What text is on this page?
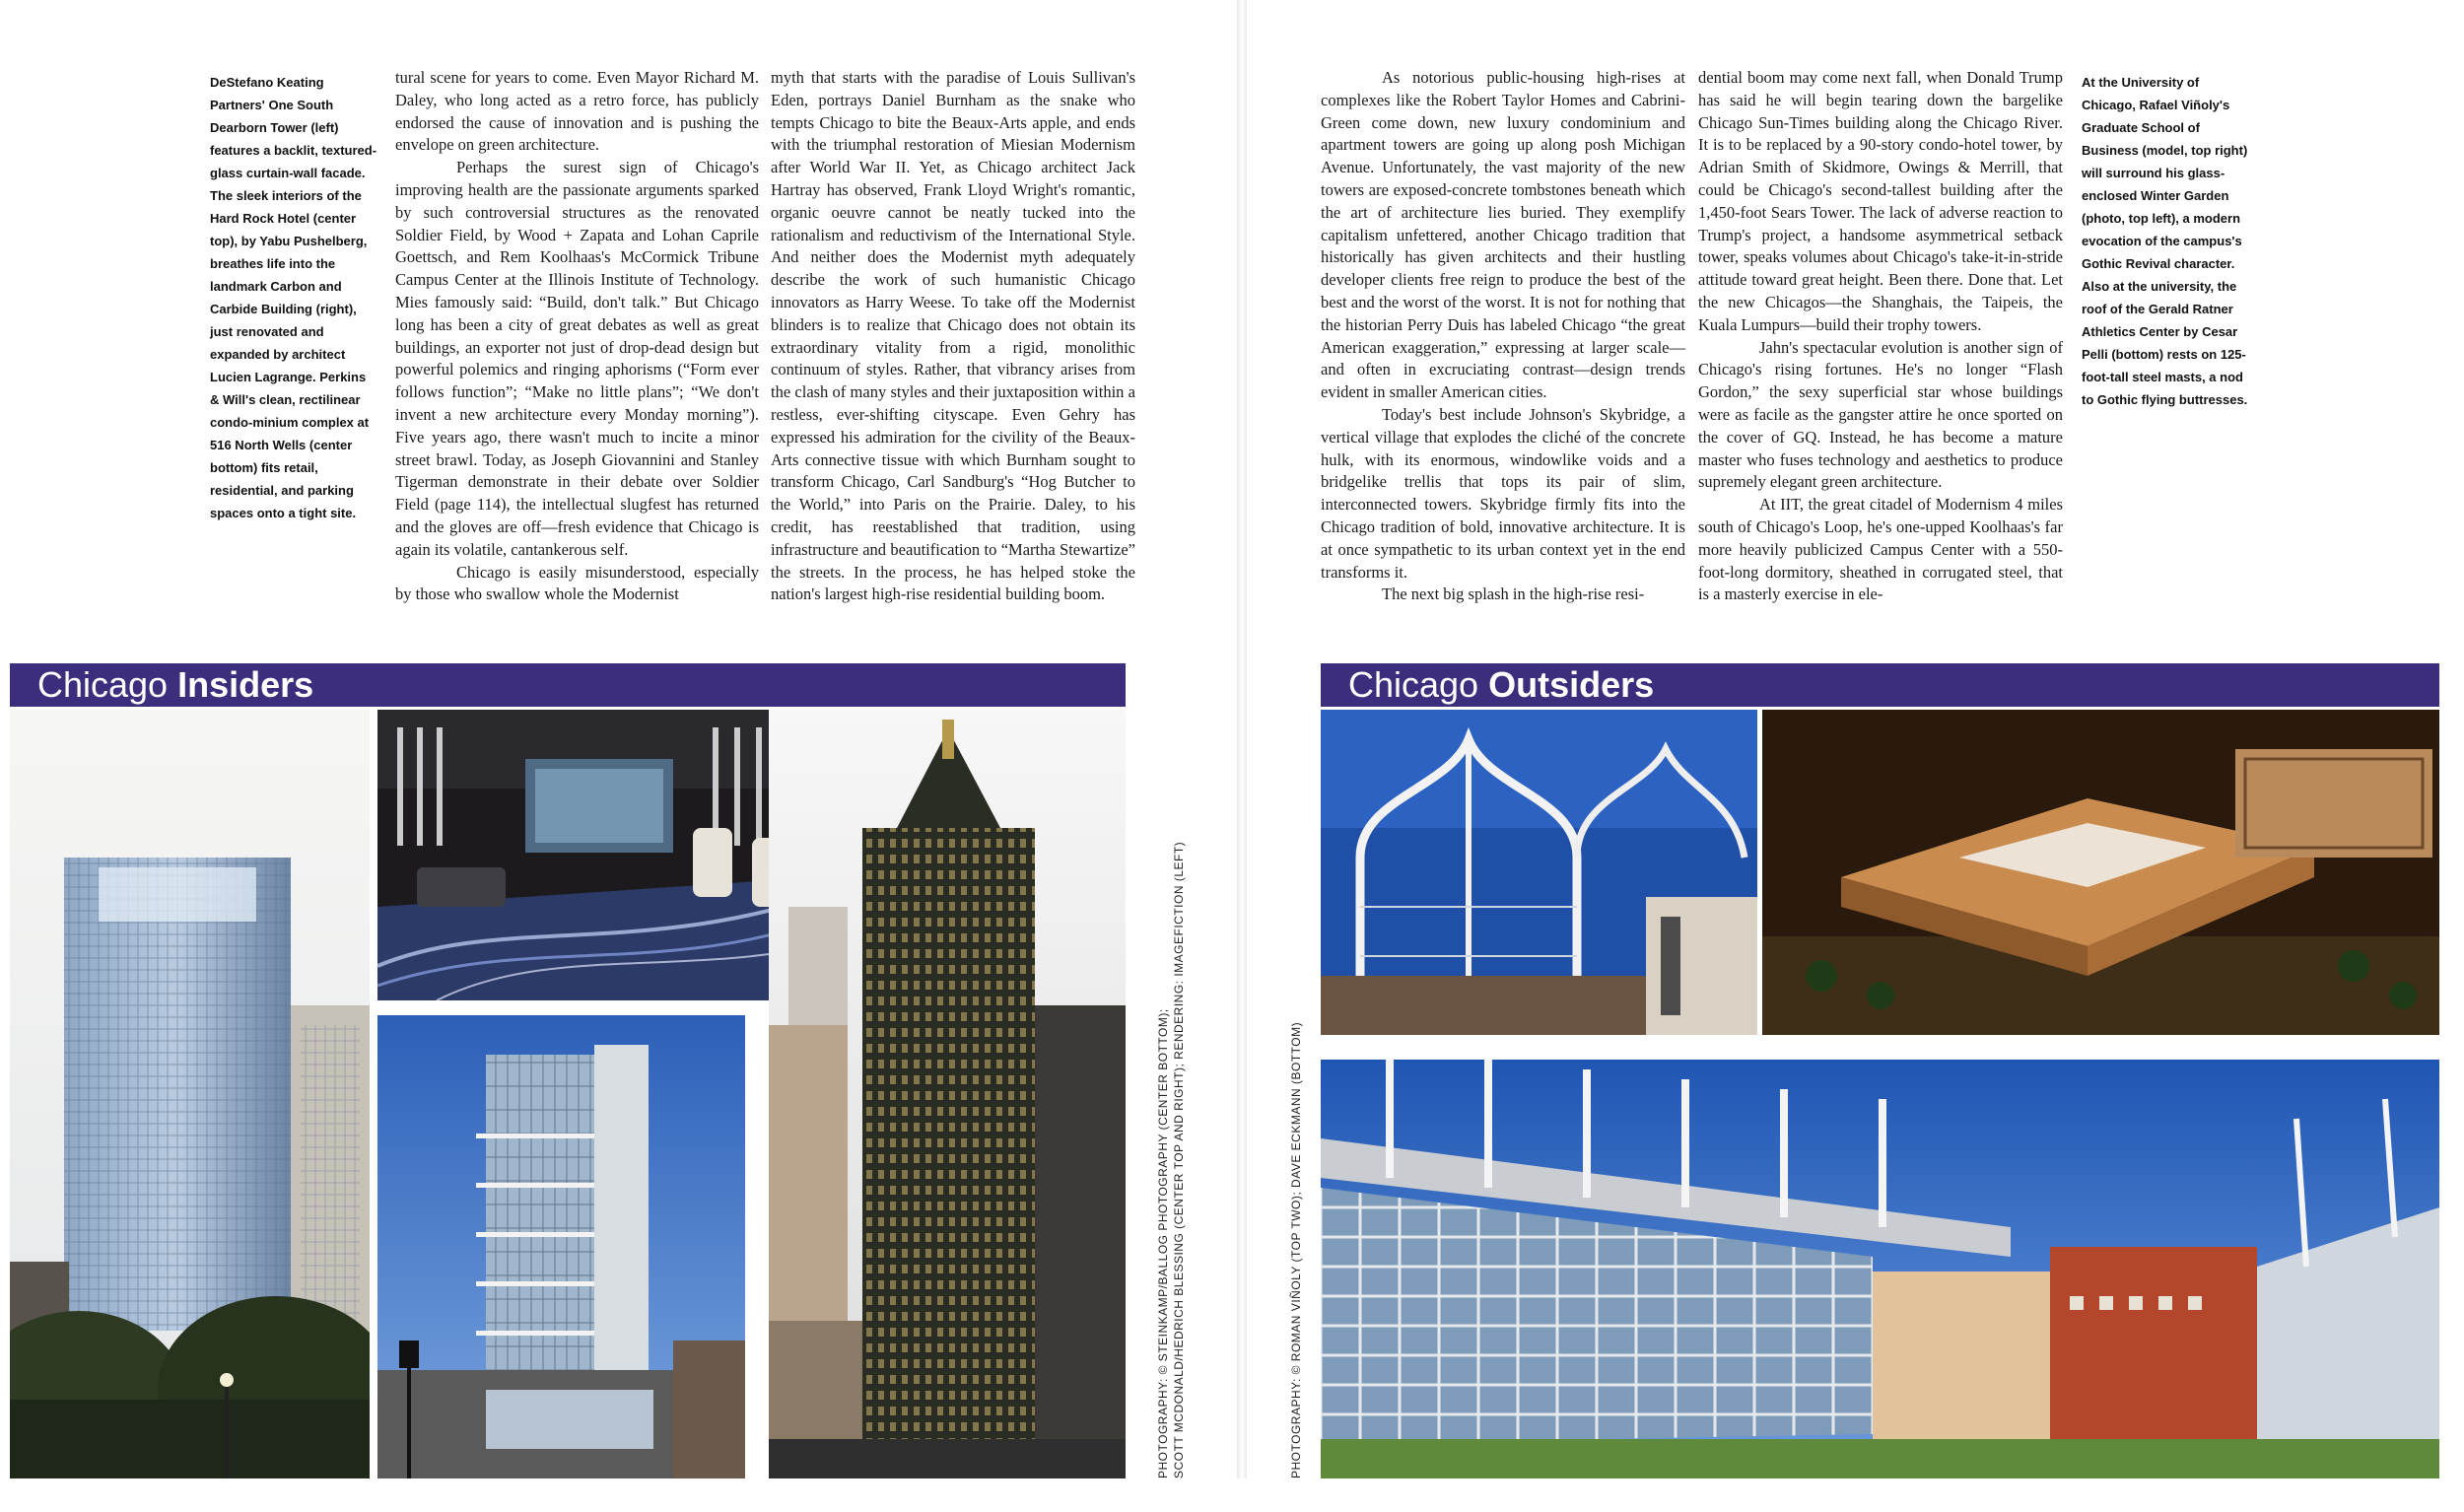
DeStefano Keating Partners' One South Dearborn Tower (left) features a backlit, textured-glass curtain-wall facade. The sleek interiors of the Hard Rock Hotel (center top), by Yabu Pushelberg, breathes life into the landmark Carbon and Carbide Building (right), just renovated and expanded by architect Lucien Lagrange. Perkins & Will's clean, rectilinear condo-minium complex at 516 North Wells (center bottom) fits retail, residential, and parking spaces onto a tight site.

tural scene for years to come. Even Mayor Richard M. Daley, who long acted as a retro force, has publicly endorsed the cause of innovation and is pushing the envelope on green architecture.

Perhaps the surest sign of Chicago's improving health are the passionate arguments sparked by such controversial structures as the renovated Soldier Field, by Wood + Zapata and Lohan Caprile Goettsch, and Rem Koolhaas's McCormick Tribune Campus Center at the Illinois Institute of Technology. Mies famously said: “Build, don't talk.” But Chicago long has been a city of great debates as well as great buildings, an exporter not just of drop-dead design but powerful polemics and ringing aphorisms (“Form ever follows function”; “Make no little plans”; “We don't invent a new architecture every Monday morning”). Five years ago, there wasn't much to incite a minor street brawl. Today, as Joseph Giovannini and Stanley Tigerman demonstrate in their debate over Soldier Field (page 114), the intellectual slugfest has returned and the gloves are off—fresh evidence that Chicago is again its volatile, cantankerous self.

Chicago is easily misunderstood, especially by those who swallow whole the Modernist

myth that starts with the paradise of Louis Sullivan's Eden, portrays Daniel Burnham as the snake who tempts Chicago to bite the Beaux-Arts apple, and ends with the triumphal restoration of Miesian Modernism after World War II. Yet, as Chicago architect Jack Hartray has observed, Frank Lloyd Wright's romantic, organic oeuvre cannot be neatly tucked into the rationalism and reductivism of the International Style. And neither does the Modernist myth adequately describe the work of such humanistic Chicago innovators as Harry Weese. To take off the Modernist blinders is to realize that Chicago does not obtain its extraordinary vitality from a rigid, monolithic continuum of styles. Rather, that vibrancy arises from the clash of many styles and their juxtaposition within a restless, ever-shifting cityscape. Even Gehry has expressed his admiration for the civility of the Beaux-Arts connective tissue with which Burnham sought to transform Chicago, Carl Sandburg's “Hog Butcher to the World,” into Paris on the Prairie. Daley, to his credit, has reestablished that tradition, using infrastructure and beautification to “Martha Stewartize” the streets. In the process, he has helped stoke the nation's largest high-rise residential building boom.

Chicago Insiders
PHOTOGRAPHY: © STEINKAMP/BALLOG PHOTOGRAPHY (CENTER BOTTOM); SCOTT MCDONALD/HEDRICH BLESSING (CENTER TOP AND RIGHT); RENDERING: IMAGEFICTION (LEFT)	PHOTOGRAPHY: © ROMAN VIÑOLY (TOP TWO); DAVE ECKMANN (BOTTOM)

As notorious public-housing high-rises at complexes like the Robert Taylor Homes and Cabrini-Green come down, new luxury condominium and apartment towers are going up along posh Michigan Avenue. Unfortunately, the vast majority of the new towers are exposed-concrete tombstones beneath which the art of architecture lies buried. They exemplify capitalism unfettered, another Chicago tradition that historically has given architects and their hustling developer clients free reign to produce the best of the best and the worst of the worst. It is not for nothing that the historian Perry Duis has labeled Chicago “the great American exaggeration,” expressing at larger scale—and often in excruciating contrast—design trends evident in smaller American cities.

Today's best include Johnson's Skybridge, a vertical village that explodes the cliché of the concrete hulk, with its enormous, windowlike voids and a bridgelike trellis that tops its pair of slim, interconnected towers. Skybridge firmly fits into the Chicago tradition of bold, innovative architecture. It is at once sympathetic to its urban context yet in the end transforms it.

The next big splash in the high-rise resi-

dential boom may come next fall, when Donald Trump has said he will begin tearing down the bargelike Chicago Sun-Times building along the Chicago River. It is to be replaced by a 90-story condo-hotel tower, by Adrian Smith of Skidmore, Owings & Merrill, that could be Chicago's second-tallest building after the 1,450-foot Sears Tower. The lack of adverse reaction to Trump's project, a handsome asymmetrical setback tower, speaks volumes about Chicago's take-it-in-stride attitude toward great height. Been there. Done that. Let the new Chicagos—the Shanghais, the Taipeis, the Kuala Lumpurs—build their trophy towers.

Jahn's spectacular evolution is another sign of Chicago's rising fortunes. He's no longer “Flash Gordon,” the sexy superficial star whose buildings were as facile as the gangster attire he once sported on the cover of GQ. Instead, he has become a mature master who fuses technology and aesthetics to produce supremely elegant green architecture.

At IIT, the great citadel of Modernism 4 miles south of Chicago's Loop, he's one-upped Koolhaas's far more heavily publicized Campus Center with a 550-foot-long dormitory, sheathed in corrugated steel, that is a masterly exercise in ele-

At the University of Chicago, Rafael Viñoly's Graduate School of Business (model, top right) will surround his glass-enclosed Winter Garden (photo, top left), a modern evocation of the campus's Gothic Revival character. Also at the university, the roof of the Gerald Ratner Athletics Center by Cesar Pelli (bottom) rests on 125-foot-tall steel masts, a nod to Gothic flying buttresses.

Chicago Outsiders
